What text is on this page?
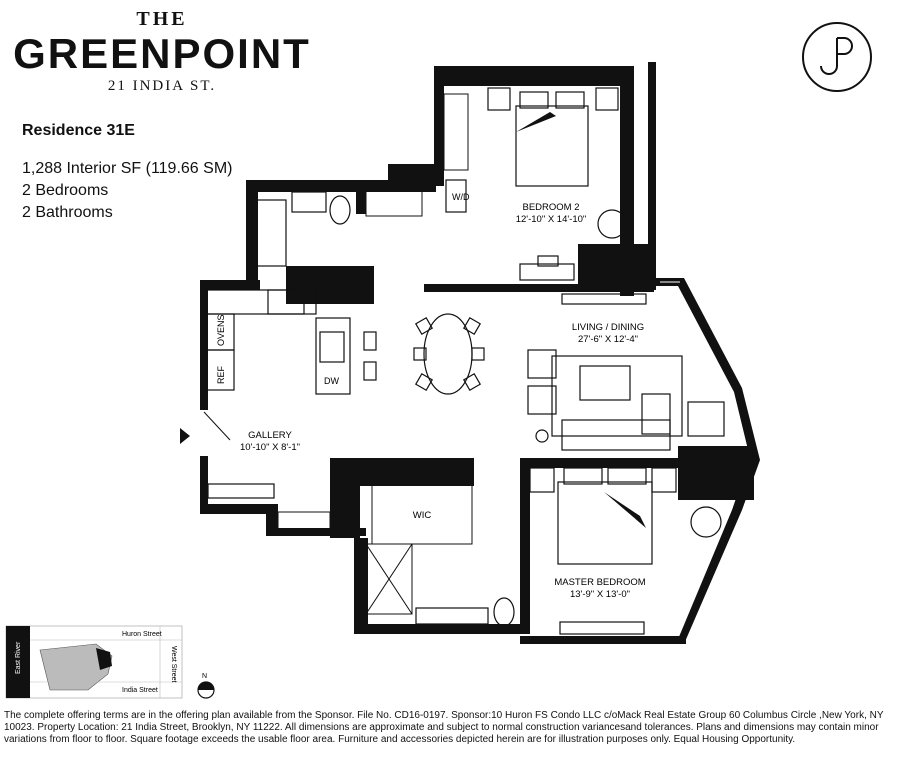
THE
GREENPOINT
21 INDIA ST.
Residence 31E
1,288 Interior SF (119.66 SM)
2 Bedrooms
2 Bathrooms
W/D
BEDROOM 2
12'-10" X 14'-10"
OVENS
REF	DW
LIVING / DINING
27'-6" X 12'-4"
GALLERY
10'-10" X 8'-1"
WIC
MASTER BEDROOM
13'-9" X 13'-0"
Huron Street
India Street
West Street
East River
N
The complete offering terms are in the offering plan available from the Sponsor. File No. CD16-0197. Sponsor:10 Huron FS Condo LLC c/oMack Real Estate Group 60 Columbus Circle ,New York, NY 10023. Property Location: 21 India Street, Brooklyn, NY 11222. All dimensions are approximate and subject to normal construction variancesand tolerances. Plans and dimensions may contain minor variations from floor to floor. Square footage exceeds the usable floor area. Furniture and accessories depicted herein are for illustration purposes only. Equal Housing Opportunity.
